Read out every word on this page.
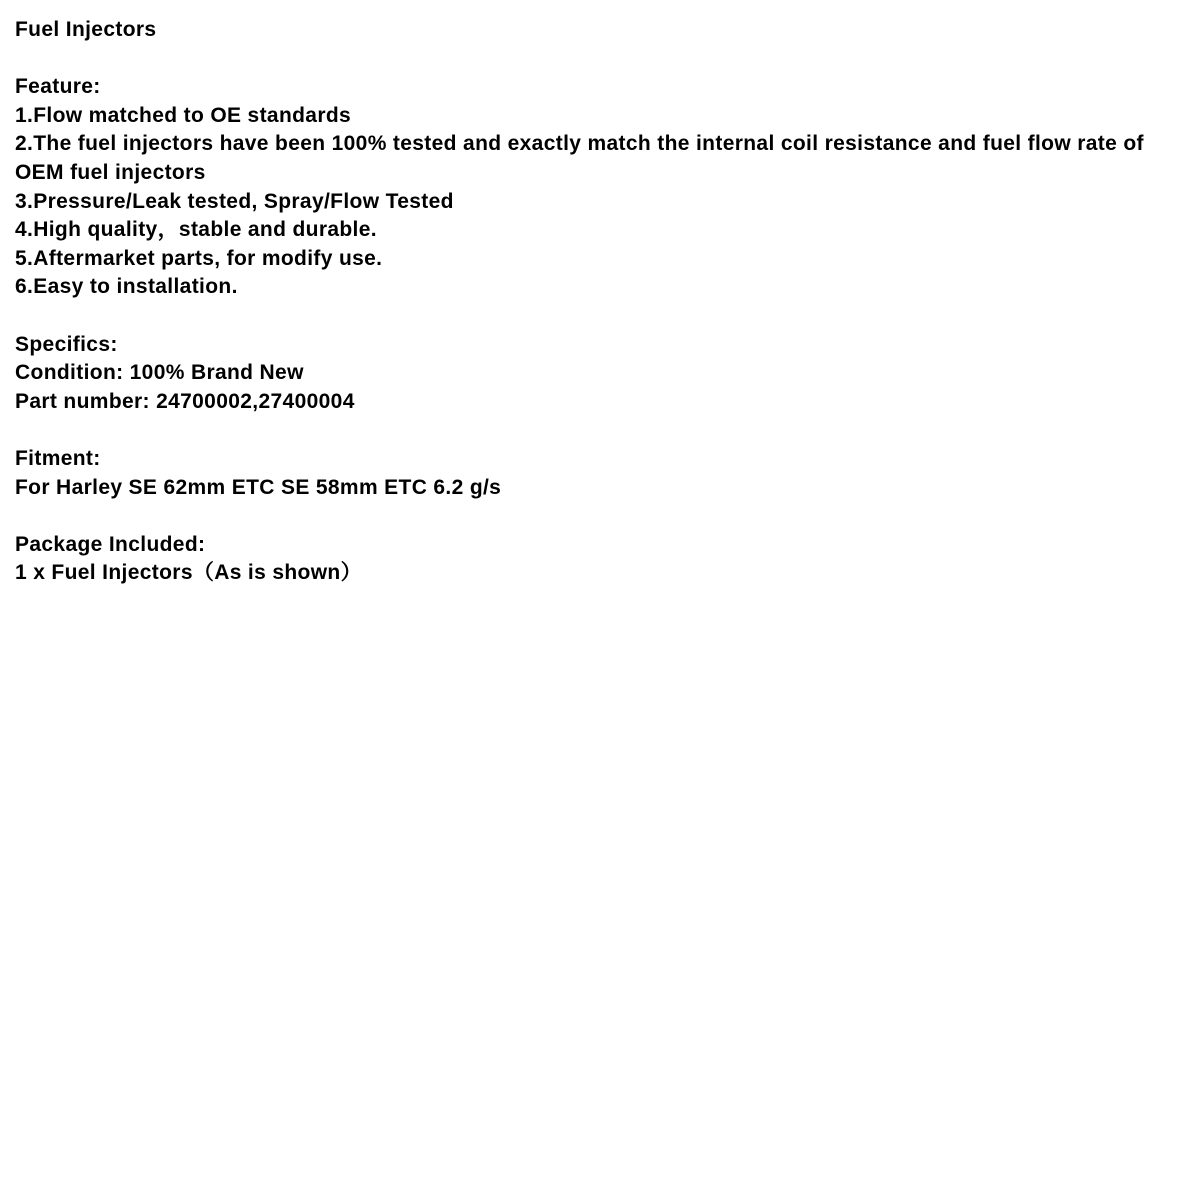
Fuel Injectors
Feature:
1.Flow matched to OE standards
2.The fuel injectors have been 100% tested and exactly match the internal coil resistance and fuel flow rate of OEM fuel injectors
3.Pressure/Leak tested, Spray/Flow Tested
4.High quality，stable and durable.
5.Aftermarket parts, for modify use.
6.Easy to installation.
Specifics:
Condition: 100% Brand New
Part number: 24700002,27400004
Fitment:
For Harley SE 62mm ETC SE 58mm ETC 6.2 g/s
Package Included:
1 x Fuel Injectors（As is shown）
